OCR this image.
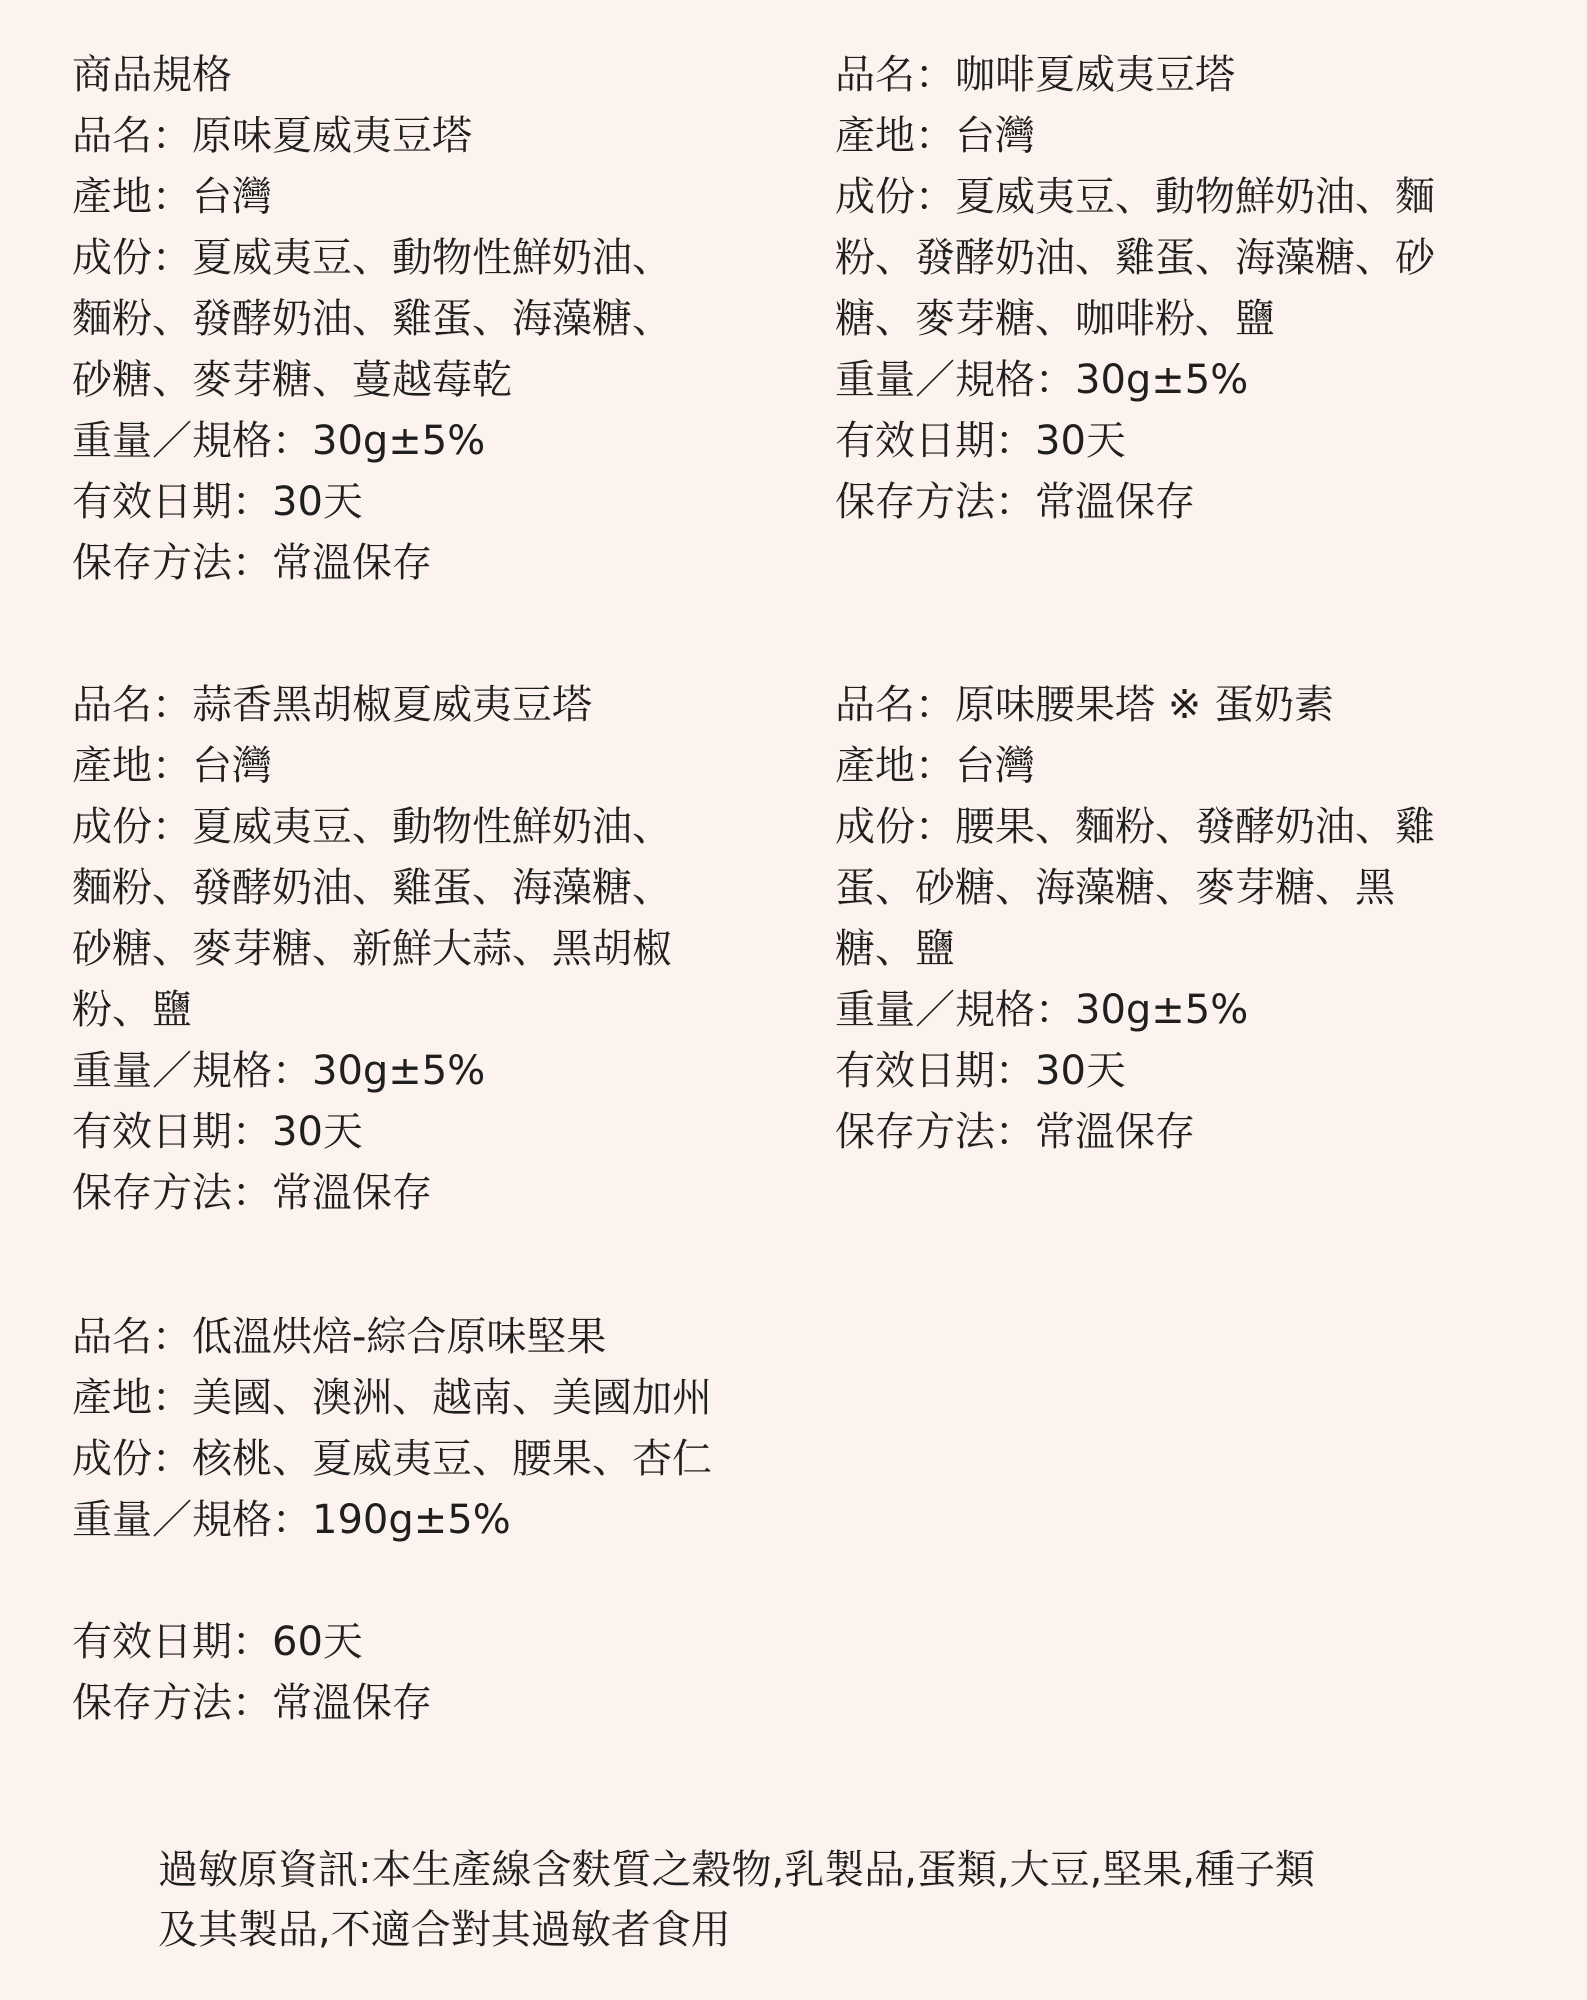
商品規格
品名：原味夏威夷豆塔
產地：台灣
成份：夏威夷豆、動物性鮮奶油、
麵粉、發酵奶油、雞蛋、海藻糖、
砂糖、麥芽糖、蔓越莓乾
重量／規格：30g±5%
有效日期：30天
保存方法：常溫保存
品名：咖啡夏威夷豆塔
產地：台灣
成份：夏威夷豆、動物鮮奶油、麵
粉、發酵奶油、雞蛋、海藻糖、砂
糖、麥芽糖、咖啡粉、鹽
重量／規格：30g±5%
有效日期：30天
保存方法：常溫保存
品名：蒜香黑胡椒夏威夷豆塔
產地：台灣
成份：夏威夷豆、動物性鮮奶油、
麵粉、發酵奶油、雞蛋、海藻糖、
砂糖、麥芽糖、新鮮大蒜、黑胡椒
粉、鹽
重量／規格：30g±5%
有效日期：30天
保存方法：常溫保存
品名：原味腰果塔 ※ 蛋奶素
產地：台灣
成份：腰果、麵粉、發酵奶油、雞
蛋、砂糖、海藻糖、麥芽糖、黑
糖、鹽
重量／規格：30g±5%
有效日期：30天
保存方法：常溫保存
品名：低溫烘焙-綜合原味堅果
產地：美國、澳洲、越南、美國加州
成份：核桃、夏威夷豆、腰果、杏仁
重量／規格：190g±5%
有效日期：60天
保存方法：常溫保存
過敏原資訊:本生產線含麩質之穀物,乳製品,蛋類,大豆,堅果,種子類
及其製品,不適合對其過敏者食用
